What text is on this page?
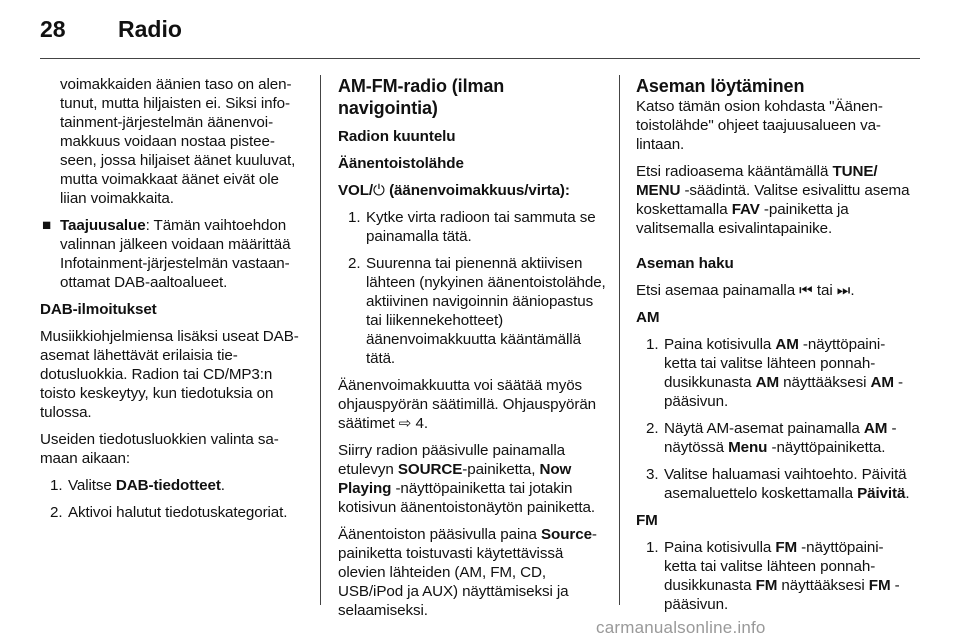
28 Radio

voimakkaiden äänien taso on alentunut, mutta hiljaisten ei. Siksi infotainment-järjestelmän äänenvoimakkuus voidaan nostaa pisteeseen, jossa hiljaiset äänet kuuluvat, mutta voimakkaat äänet eivät ole liian voimakkaita.

■ Taajuusalue: Tämän vaihtoehdon valinnan jälkeen voidaan määrittää Infotainment-järjestelmän vastaanottamat DAB-aaltoalueet.

DAB-ilmoitukset

Musiikkiohjelmiensa lisäksi useat DAB-asemat lähettävät erilaisia tiedotusluokkia. Radion tai CD/MP3:n toisto keskeytyy, kun tiedotuksia on tulossa.

Useiden tiedotusluokkien valinta samaan aikaan:

1. Valitse DAB-tiedotteet.
2. Aktivoi halutut tiedotuskategoriat.

AM-FM-radio (ilman navigointia)

Radion kuuntelu

Äänentoistolähde

VOL/⏻ (äänenvoimakkuus/virta):

1. Kytke virta radioon tai sammuta se painamalla tätä.
2. Suurenna tai pienennä aktiivisen lähteen (nykyinen äänentoistolähde, aktiivinen navigoinnin ääniopastus tai liikennekehotteet) äänenvoimakkuutta kääntämällä tätä.

Äänenvoimakkuutta voi säätää myös ohjauspyörän säätimillä. Ohjauspyörän säätimet ⇨ 4.

Siirry radion pääsivulle painamalla etulevyn SOURCE-painiketta, Now Playing -näyttöpainiketta tai jotakin kotisivun äänentoistonäytön painiketta.

Äänentoiston pääsivulla paina Source-painiketta toistuvasti käytettävissä olevien lähteiden (AM, FM, CD, USB/iPod ja AUX) näyttämiseksi ja selaamiseksi.

Aseman löytäminen

Katso tämän osion kohdasta "Äänentoistolähde" ohjeet taajuusalueen valintaan.

Etsi radioasema kääntämällä TUNE/ MENU -säädintä. Valitse esivalittu asema koskettamalla FAV -painiketta ja valitsemalla esivalintapainike.

Aseman haku

Etsi asemaa painamalla ⏮ tai ⏭.

AM

1. Paina kotisivulla AM -näyttöpainiketta tai valitse lähteen ponnahdusikkunasta AM näyttääksesi AM -pääsivun.
2. Näytä AM-asemat painamalla AM -näytössä Menu -näyttöpainiketta.
3. Valitse haluamasi vaihtoehto. Päivitä asemaluettelo koskettamalla Päivitä.

FM

1. Paina kotisivulla FM -näyttöpainiketta tai valitse lähteen ponnahdusikkunasta FM näyttääksesi FM -pääsivun.
carmanualsonline.info
